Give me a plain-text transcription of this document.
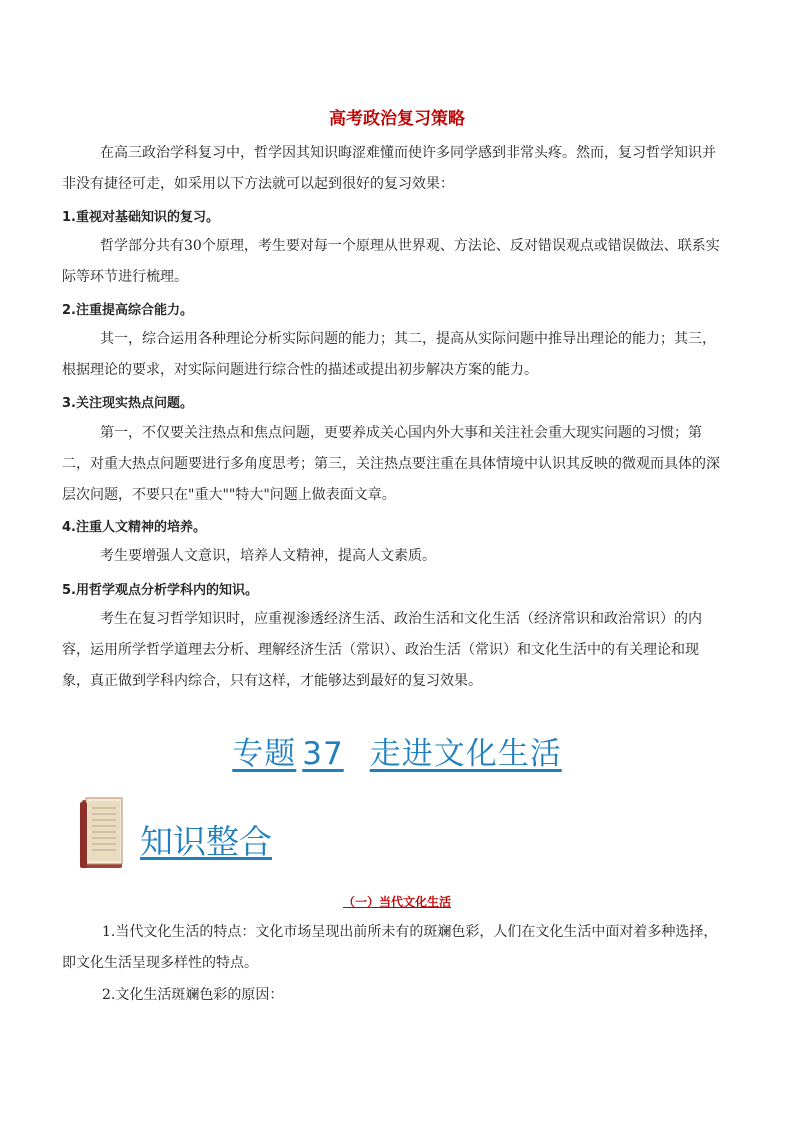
高考政治复习策略

在高三政治学科复习中，哲学因其知识晦涩难懂而使许多同学感到非常头疼。然而，复习哲学知识并非没有捷径可走，如采用以下方法就可以起到很好的复习效果：

1.重视对基础知识的复习。

哲学部分共有30个原理，考生要对每一个原理从世界观、方法论、反对错误观点或错误做法、联系实际等环节进行梳理。

2.注重提高综合能力。

其一，综合运用各种理论分析实际问题的能力；其二，提高从实际问题中推导出理论的能力；其三，根据理论的要求，对实际问题进行综合性的描述或提出初步解决方案的能力。

3.关注现实热点问题。

第一，不仅要关注热点和焦点问题，更要养成关心国内外大事和关注社会重大现实问题的习惯；第二，对重大热点问题要进行多角度思考；第三，关注热点要注重在具体情境中认识其反映的微观而具体的深层次问题，不要只在"重大""特大"问题上做表面文章。

4.注重人文精神的培养。

考生要增强人文意识，培养人文精神，提高人文素质。

5.用哲学观点分析学科内的知识。

考生在复习哲学知识时，应重视渗透经济生活、政治生活和文化生活（经济常识和政治常识）的内容，运用所学哲学道理去分析、理解经济生活（常识）、政治生活（常识）和文化生活中的有关理论和现象，真正做到学科内综合，只有这样，才能够达到最好的复习效果。

专题 37 走进文化生活
知识整合
（一）当代文化生活

1.当代文化生活的特点：文化市场呈现出前所未有的斑斓色彩，人们在文化生活中面对着多种选择，即文化生活呈现多样性的特点。

2.文化生活斑斓色彩的原因：
